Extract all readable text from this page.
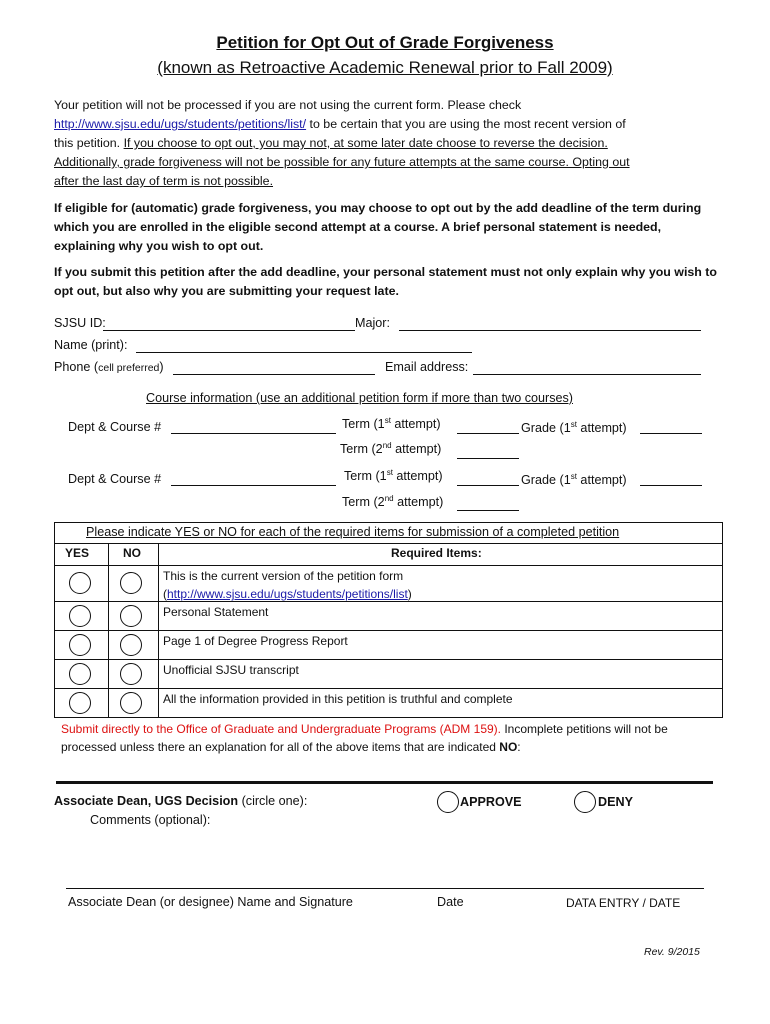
Petition for Opt Out of Grade Forgiveness
(known as Retroactive Academic Renewal prior to Fall 2009)
Your petition will not be processed if you are not using the current form. Please check
http://www.sjsu.edu/ugs/students/petitions/list/ to be certain that you are using the most recent version of
this petition. If you choose to opt out, you may not, at some later date choose to reverse the decision.
Additionally, grade forgiveness will not be possible for any future attempts at the same course. Opting out
after the last day of term is not possible.
If eligible for (automatic) grade forgiveness, you may choose to opt out by the add deadline of the term during which you are enrolled in the eligible second attempt at a course. A brief personal statement is needed, explaining why you wish to opt out.
If you submit this petition after the add deadline, your personal statement must not only explain why you wish to opt out, but also why you are submitting your request late.
SJSU ID:	Major:
Name (print):
Phone (cell preferred)	Email address:
Course information (use an additional petition form if more than two courses)
Dept & Course #	Term (1st attempt)	Grade (1st attempt)
Term (2nd attempt)
Dept & Course #	Term (1st attempt)	Grade (1st attempt)
Term (2nd attempt)
Please indicate YES or NO for each of the required items for submission of a completed petition
YES	NO	Required Items:
This is the current version of the petition form
(http://www.sjsu.edu/ugs/students/petitions/list)
Personal Statement
Page 1 of Degree Progress Report
Unofficial SJSU transcript
All the information provided in this petition is truthful and complete
Submit directly to the Office of Graduate and Undergraduate Programs (ADM 159). Incomplete petitions will not be
processed unless there an explanation for all of the above items that are indicated NO:
Associate Dean, UGS Decision (circle one):
Comments (optional):
APPROVE	DENY
Associate Dean (or designee) Name and Signature	Date	DATA ENTRY / DATE
Rev. 9/2015
